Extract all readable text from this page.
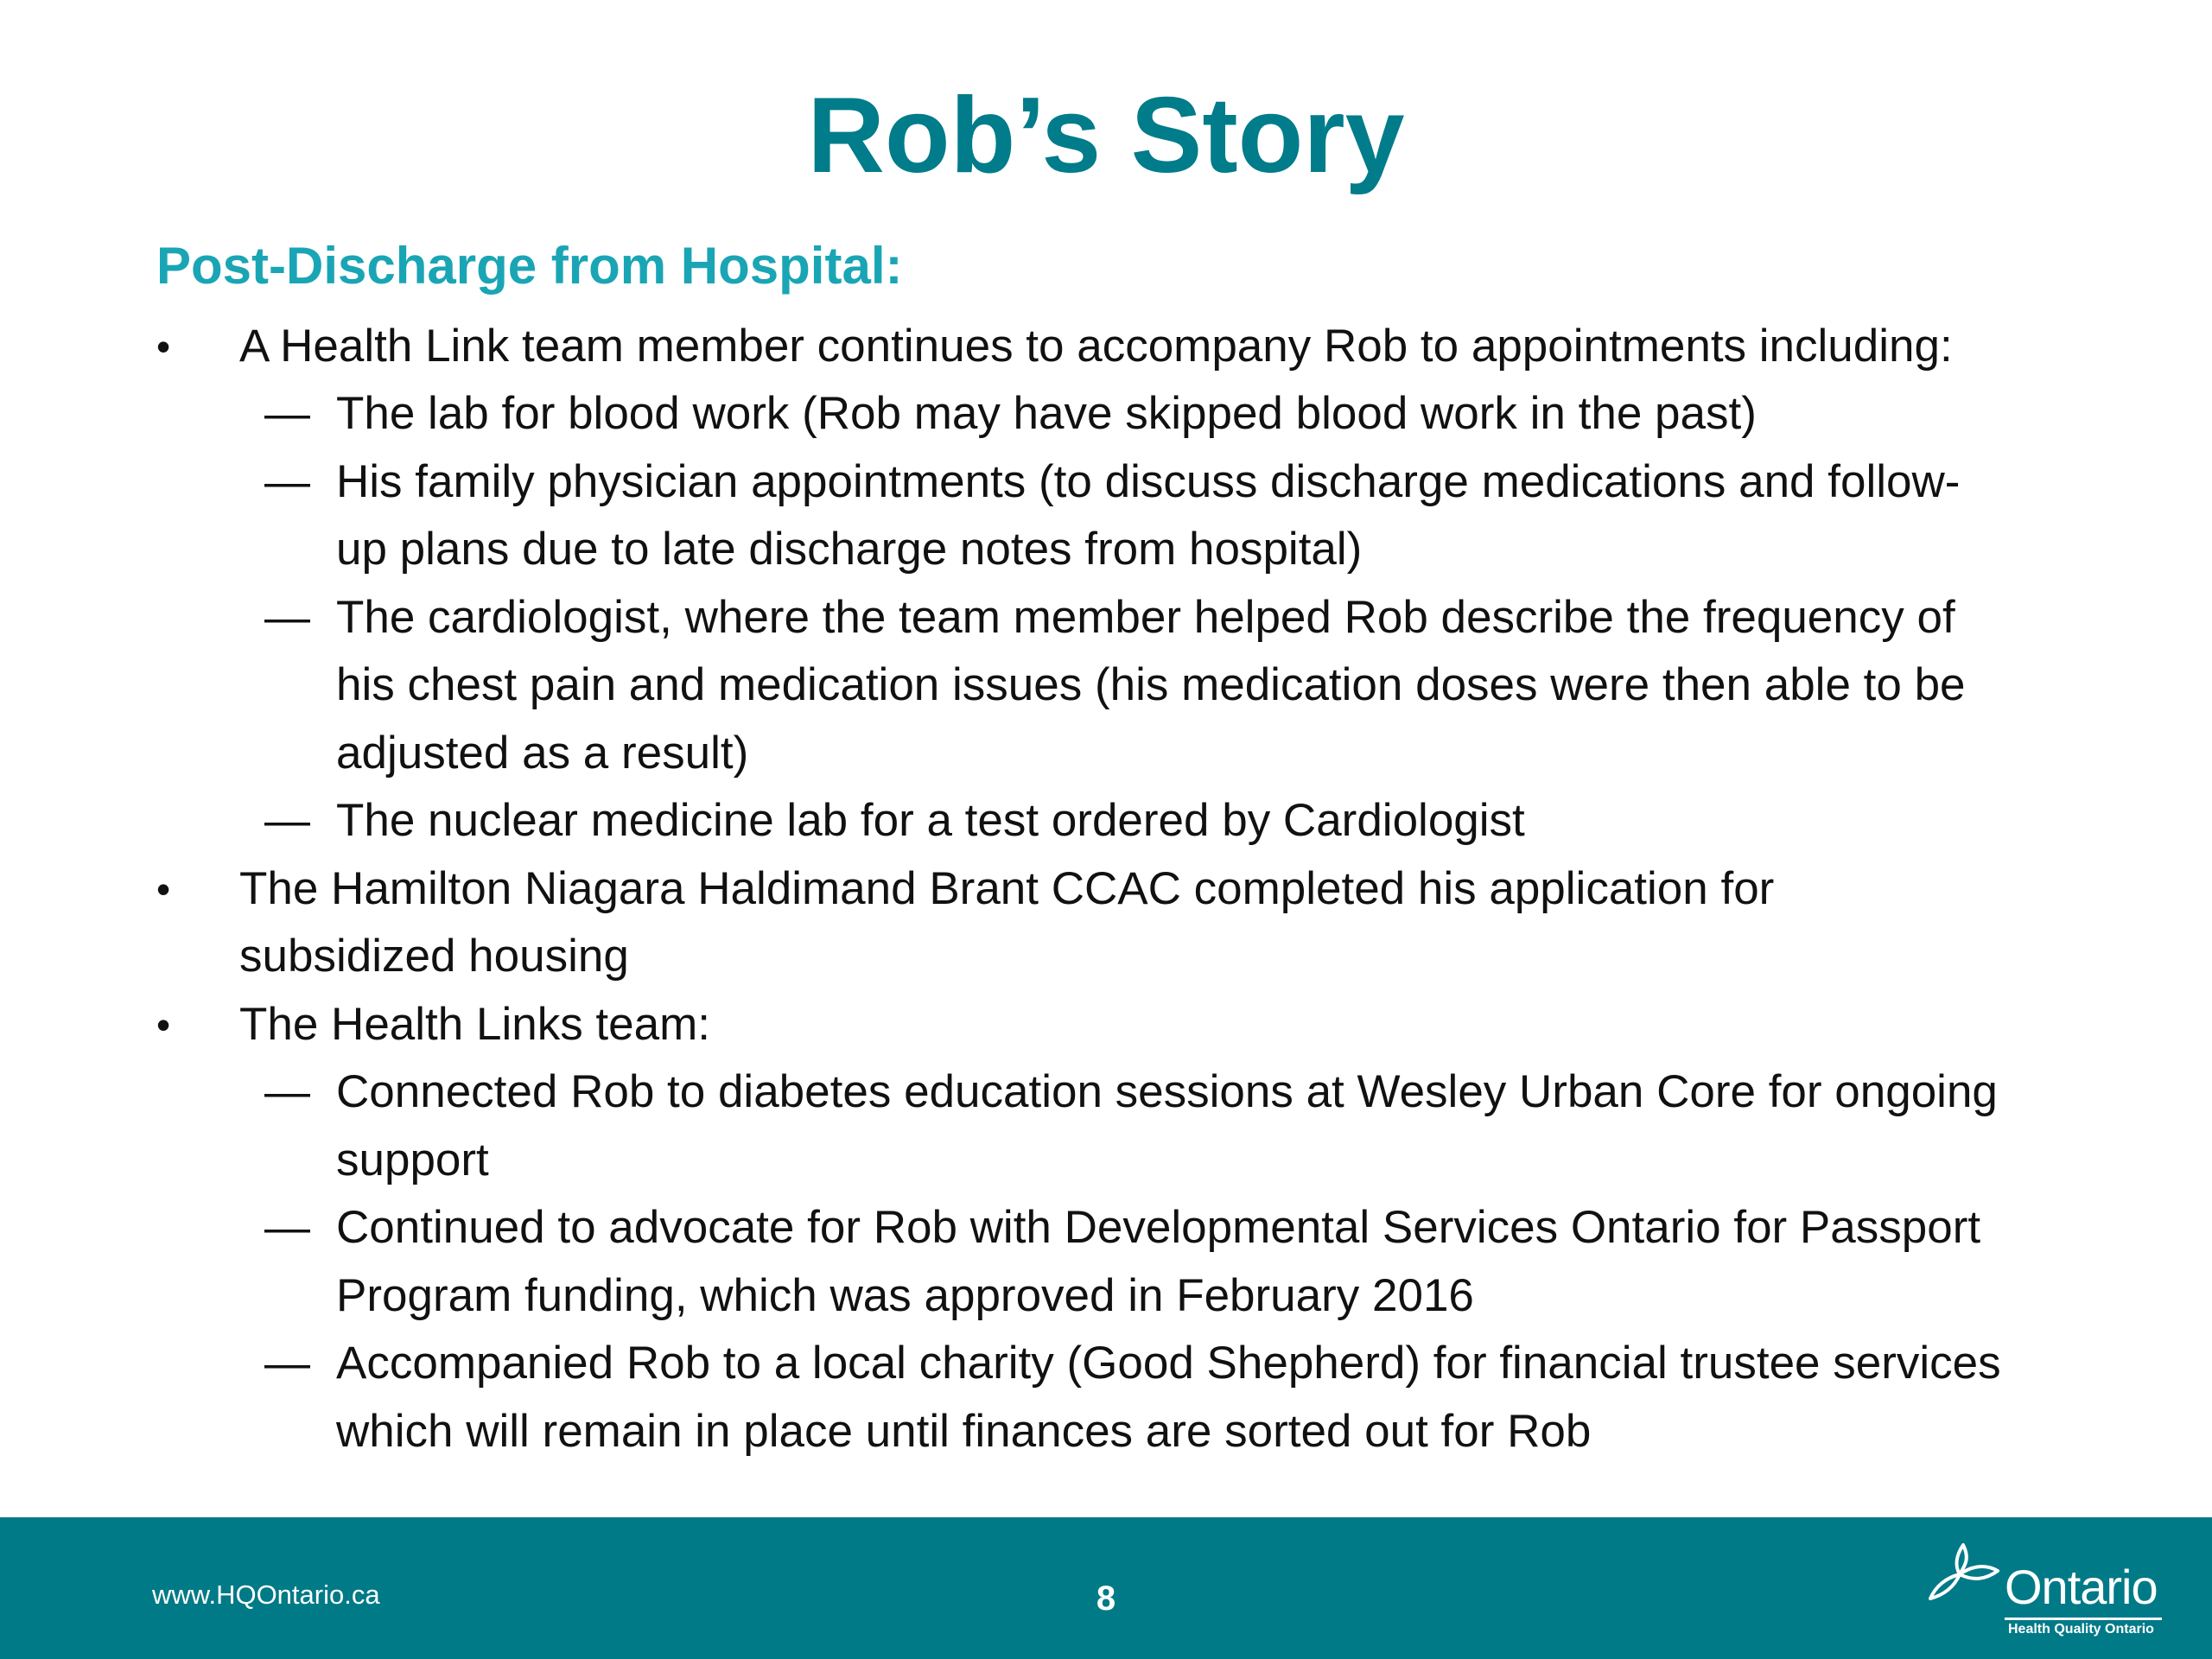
Rob’s Story
Post-Discharge from Hospital:
• A Health Link team member continues to accompany Rob to appointments including:
— The lab for blood work (Rob may have skipped blood work in the past)
— His family physician appointments (to discuss discharge medications and follow-
up plans due to late discharge notes from hospital)
— The cardiologist, where the team member helped Rob describe the frequency of
his chest pain and medication issues (his medication doses were then able to be
adjusted as a result)
— The nuclear medicine lab for a test ordered by Cardiologist
• The Hamilton Niagara Haldimand Brant CCAC completed his application for
subsidized housing
• The Health Links team:
— Connected Rob to diabetes education sessions at Wesley Urban Core for ongoing
support
— Continued to advocate for Rob with Developmental Services Ontario for Passport
Program funding, which was approved in February 2016
— Accompanied Rob to a local charity (Good Shepherd) for financial trustee services
which will remain in place until finances are sorted out for Rob
www.HQOntario.ca	8	Ontario
Health Quality Ontario
